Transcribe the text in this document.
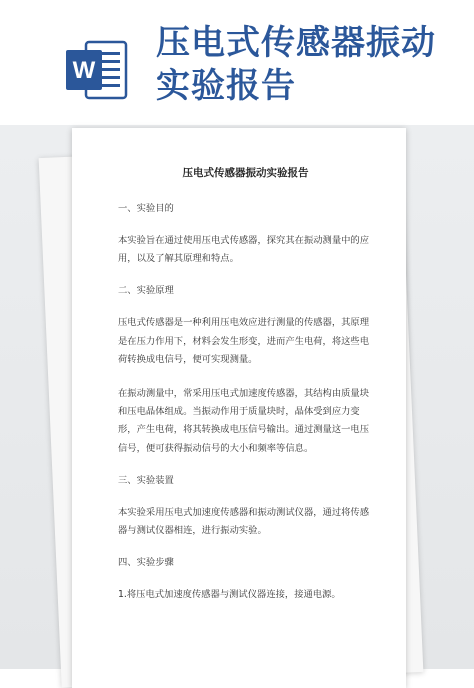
W
压电式传感器振动
实验报告
压电式传感器振动实验报告
一、实验目的
本实验旨在通过使用压电式传感器，探究其在振动测量中的应用，以及了解其原理和特点。
二、实验原理
压电式传感器是一种利用压电效应进行测量的传感器，其原理是在压力作用下，材料会发生形变，进而产生电荷，将这些电荷转换成电信号，便可实现测量。
在振动测量中，常采用压电式加速度传感器，其结构由质量块和压电晶体组成。当振动作用于质量块时，晶体受到应力变形，产生电荷，将其转换成电压信号输出。通过测量这一电压信号，便可获得振动信号的大小和频率等信息。
三、实验装置
本实验采用压电式加速度传感器和振动测试仪器，通过将传感器与测试仪器相连，进行振动实验。
四、实验步骤
1.将压电式加速度传感器与测试仪器连接，接通电源。
